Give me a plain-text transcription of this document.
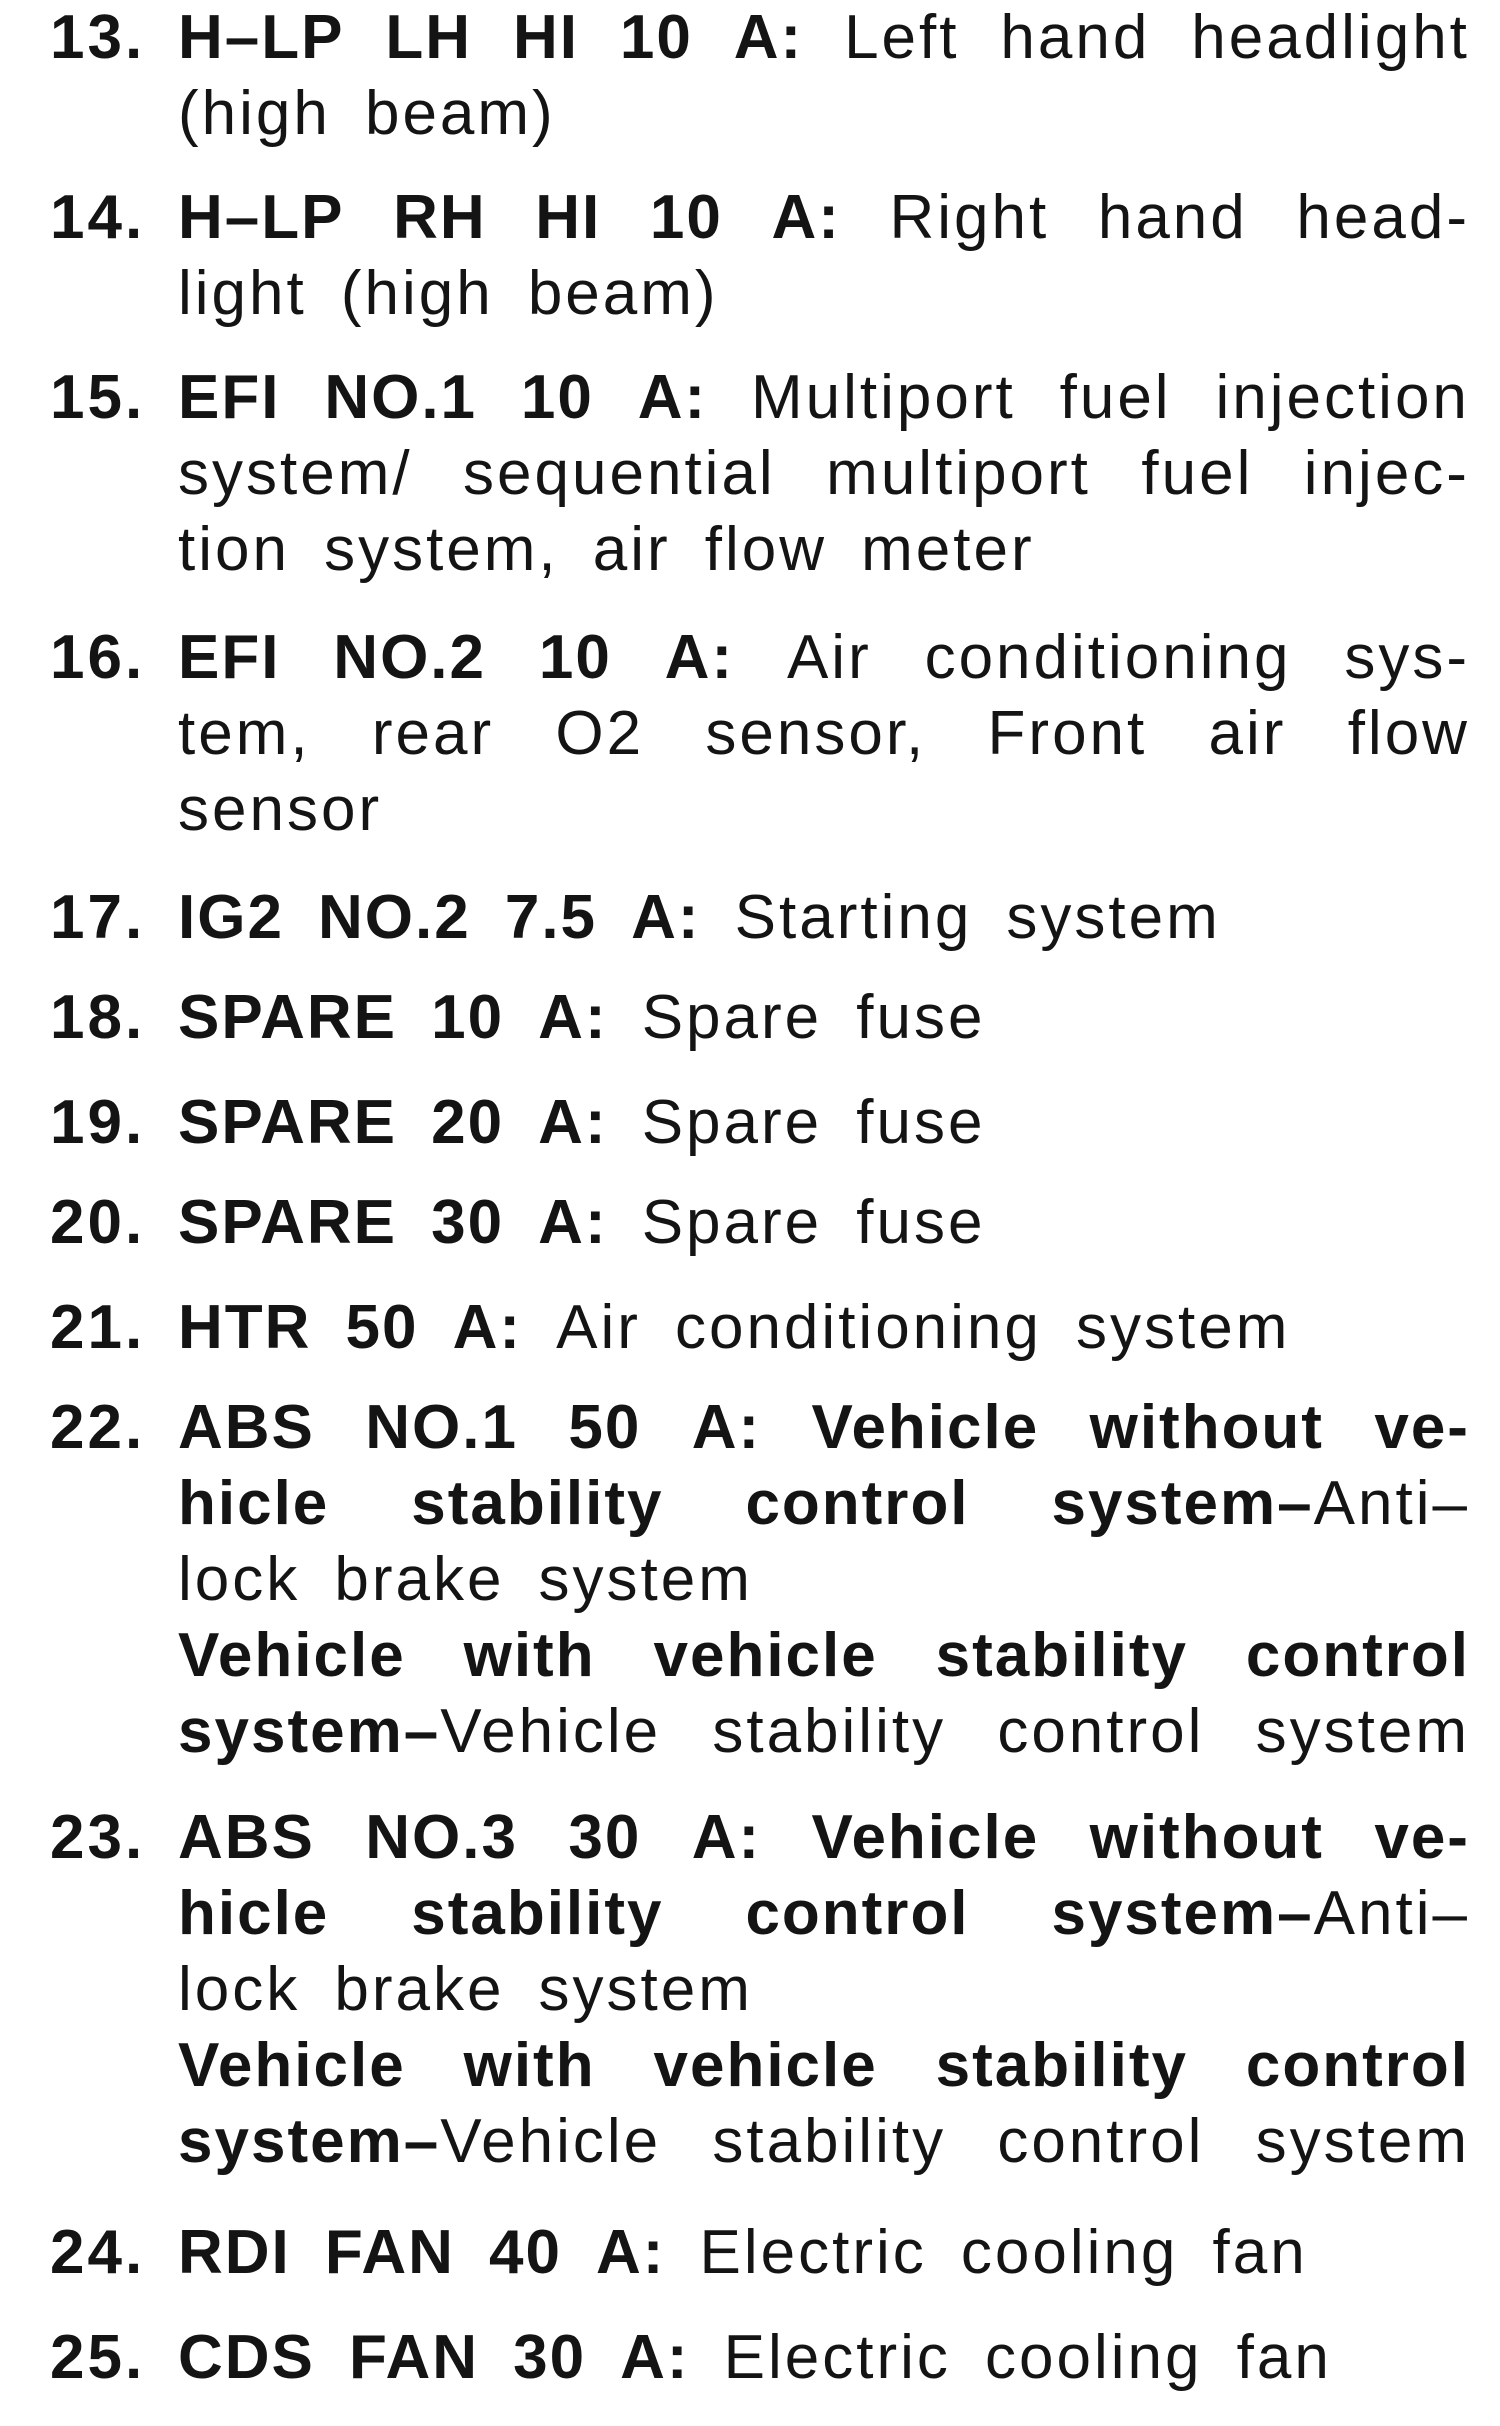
13. H–LP LH HI 10 A: Left hand headlight
(high beam)
14. H–LP RH HI 10 A: Right hand head-
light (high beam)
15. EFI NO.1 10 A: Multiport fuel injection
system/ sequential multiport fuel injec-
tion system, air flow meter
16. EFI NO.2 10 A: Air conditioning sys-
tem, rear O2 sensor, Front air flow
sensor
17. IG2 NO.2 7.5 A: Starting system
18. SPARE 10 A: Spare fuse
19. SPARE 20 A: Spare fuse
20. SPARE 30 A: Spare fuse
21. HTR 50 A: Air conditioning system
22. ABS NO.1 50 A: Vehicle without ve-
hicle stability control system–Anti–
lock brake system
Vehicle with vehicle stability control
system–Vehicle stability control system
23. ABS NO.3 30 A: Vehicle without ve-
hicle stability control system–Anti–
lock brake system
Vehicle with vehicle stability control
system–Vehicle stability control system
24. RDI FAN 40 A: Electric cooling fan
25. CDS FAN 30 A: Electric cooling fan
